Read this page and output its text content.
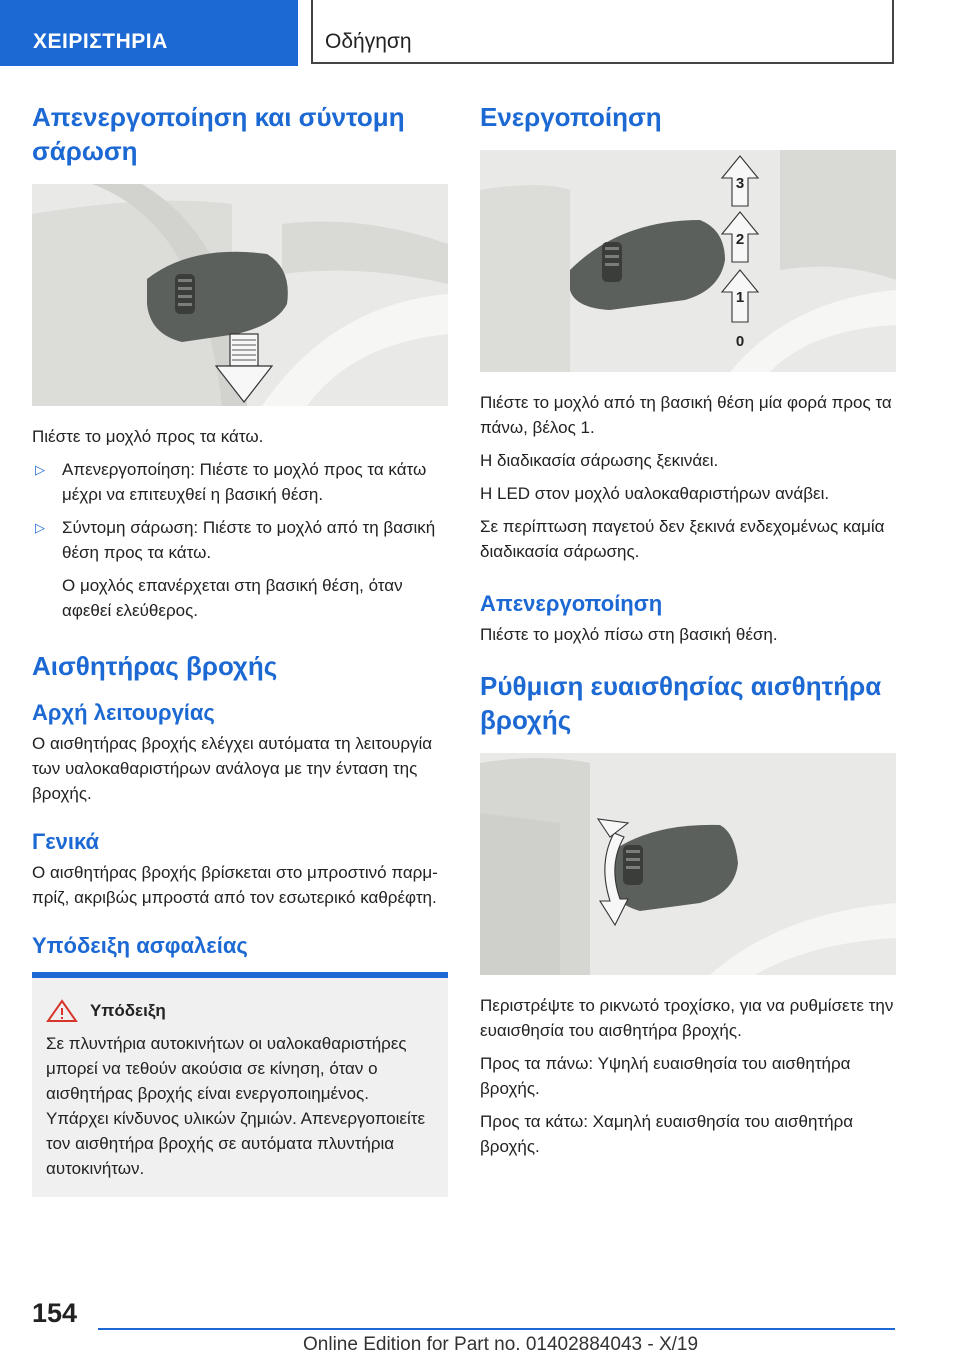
ΧΕΙΡΙΣΤΗΡΙΑ	Οδήγηση
Απενεργοποίηση και σύντομη σάρωση

Πιέστε το μοχλό προς τα κάτω.

▷ Απενεργοποίηση: Πιέστε το μοχλό προς τα κάτω μέχρι να επιτευχθεί η βασική θέση.
▷ Σύντομη σάρωση: Πιέστε το μοχλό από τη βασική θέση προς τα κάτω.

Ο μοχλός επανέρχεται στη βασική θέση, όταν αφεθεί ελεύθερος.

Αισθητήρας βροχής
Αρχή λειτουργίας

Ο αισθητήρας βροχής ελέγχει αυτόματα τη λειτουργία των υαλοκαθαριστήρων ανάλογα με την ένταση της βροχής.

Γενικά

Ο αισθητήρας βροχής βρίσκεται στο μπροστινό παρμπρίζ, ακριβώς μπροστά από τον εσωτερικό καθρέφτη.

Υπόδειξη ασφαλείας
Υπόδειξη
Σε πλυντήρια αυτοκινήτων οι υαλοκαθαριστήρες μπορεί να τεθούν ακούσια σε κίνηση, όταν ο αισθητήρας βροχής είναι ενεργοποιημένος. Υπάρχει κίνδυνος υλικών ζημιών. Απενεργοποιείτε τον αισθητήρα βροχής σε αυτόματα πλυντήρια αυτοκινήτων.
Ενεργοποίηση
1
2
3
0

Πιέστε το μοχλό από τη βασική θέση μία φορά προς τα πάνω, βέλος 1.

Η διαδικασία σάρωσης ξεκινάει.

Η LED στον μοχλό υαλοκαθαριστήρων ανάβει.

Σε περίπτωση παγετού δεν ξεκινά ενδεχομένως καμία διαδικασία σάρωσης.

Απενεργοποίηση

Πιέστε το μοχλό πίσω στη βασική θέση.

Ρύθμιση ευαισθησίας αισθητήρα βροχής

Περιστρέψτε το ρικνωτό τροχίσκο, για να ρυθμίσετε την ευαισθησία του αισθητήρα βροχής.

Προς τα πάνω: Υψηλή ευαισθησία του αισθητήρα βροχής.

Προς τα κάτω: Χαμηλή ευαισθησία του αισθητήρα βροχής.

154
Online Edition for Part no. 01402884043 - X/19
